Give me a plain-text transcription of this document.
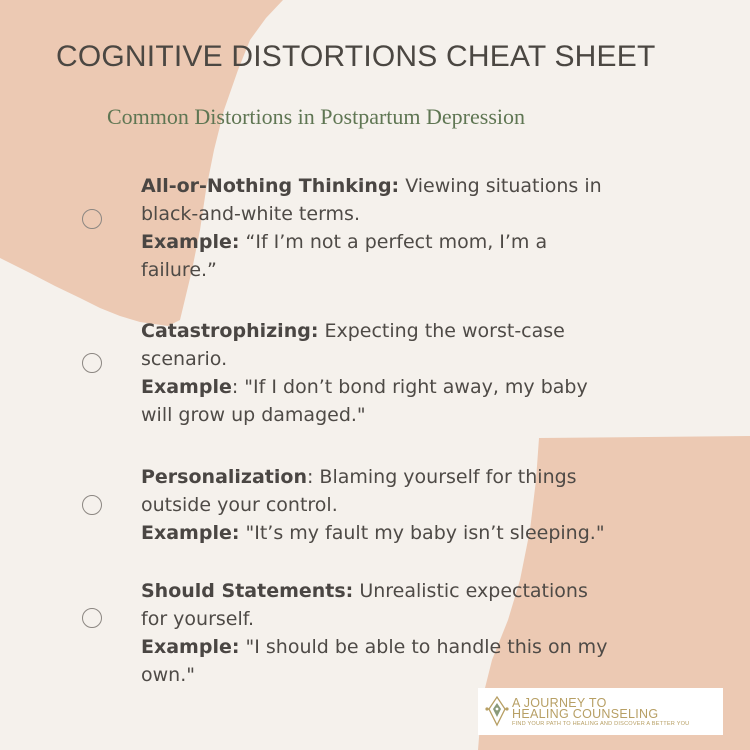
COGNITIVE DISTORTIONS CHEAT SHEET
Common Distortions in Postpartum Depression
All-or-Nothing Thinking: Viewing situations in black-and-white terms.
Example: “If I’m not a perfect mom, I’m a failure.”
Catastrophizing: Expecting the worst-case scenario.
Example: "If I don’t bond right away, my baby will grow up damaged."
Personalization: Blaming yourself for things outside your control.
Example: "It’s my fault my baby isn’t sleeping."
Should Statements: Unrealistic expectations for yourself.
Example: "I should be able to handle this on my own."
A JOURNEY TO
HEALING COUNSELING
FIND YOUR PATH TO HEALING AND DISCOVER A BETTER YOU
